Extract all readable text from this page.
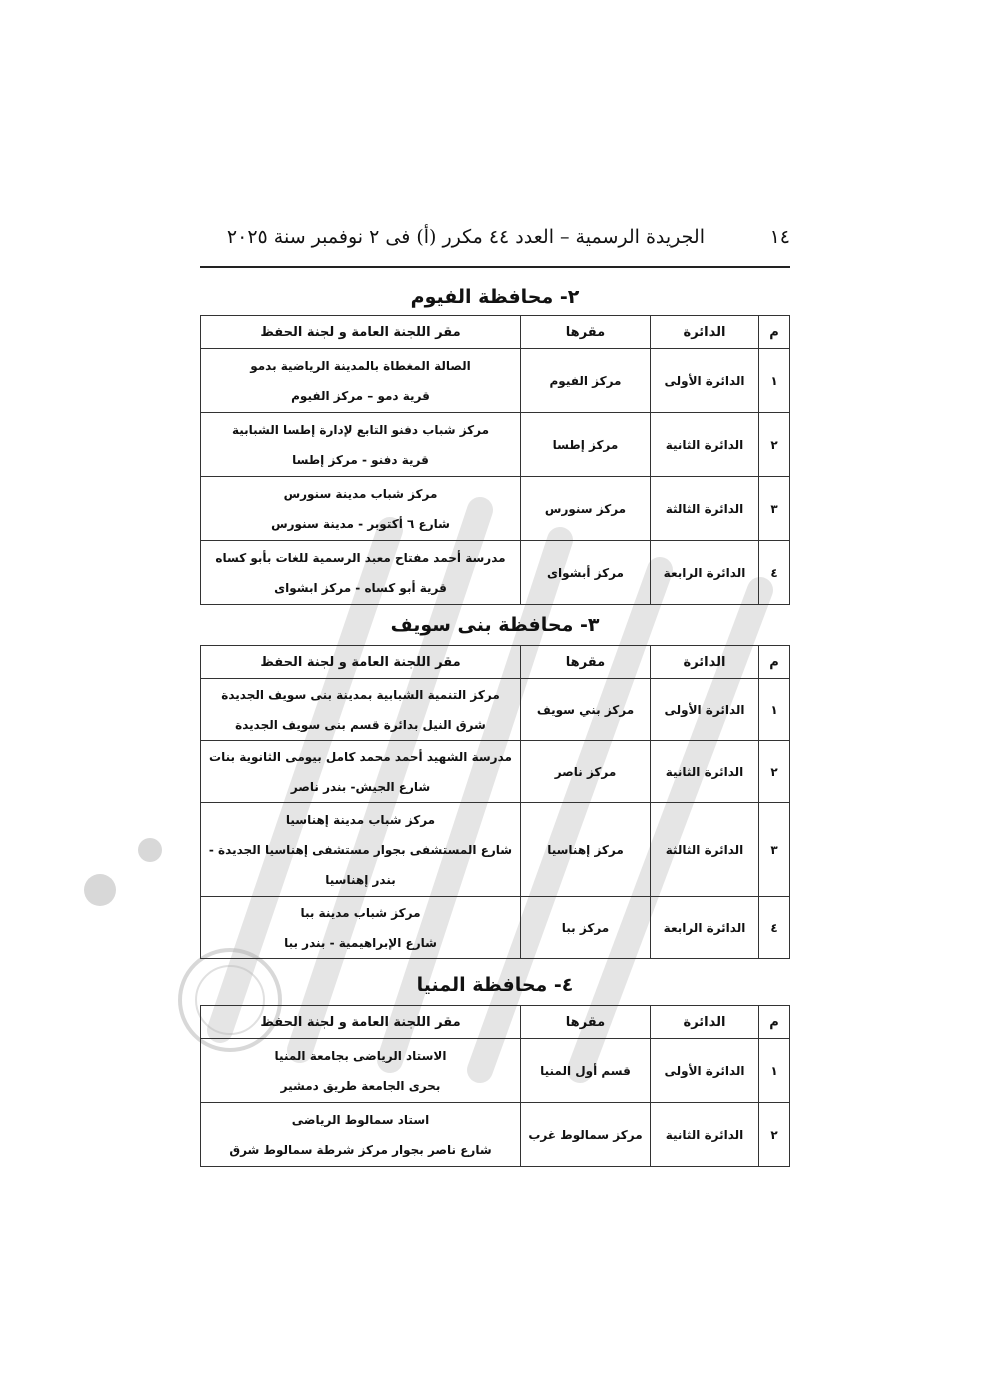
١٤
الجريدة الرسمية – العدد ٤٤ مكرر (أ) فى ٢ نوفمبر سنة ٢٠٢٥
٢- محافظة الفيوم
م	الدائرة	مقرها	مقر اللجنة العامة و لجنة الحفظ
١	الدائرة الأولى	مركز الفيوم	الصالة المغطاة بالمدينة الرياضية بدمو
قرية دمو – مركز الفيوم

٢	الدائرة الثانية	مركز إطسا	مركز شباب دفنو التابع لإدارة إطسا الشبابية
قرية دفنو - مركز إطسا

٣	الدائرة الثالثة	مركز سنورس	مركز شباب مدينة سنورس
شارع ٦ أكتوبر - مدينة سنورس

٤	الدائرة الرابعة	مركز أبشواى	مدرسة أحمد مفتاح معبد الرسمية للغات بأبو كساه
قرية أبو كساه - مركز ابشواى
٣- محافظة بنى سويف
م	الدائرة	مقرها	مقر اللجنة العامة و لجنة الحفظ
١	الدائرة الأولى	مركز بني سويف	مركز التنمية الشبابية بمدينة بنى سويف الجديدة
شرق النيل بدائرة قسم بنى سويف الجديدة

٢	الدائرة الثانية	مركز ناصر	مدرسة الشهيد أحمد محمد كامل بيومى الثانوية بنات
شارع الجيش- بندر ناصر

٣	الدائرة الثالثة	مركز إهناسيا	مركز شباب مدينة إهناسيا
شارع المستشفى بجوار مستشفى إهناسيا الجديدة -
بندر إهناسيا

٤	الدائرة الرابعة	مركز ببا	مركز شباب مدينة ببا
شارع الإبراهيمية - بندر ببا
٤- محافظة المنيا
م	الدائرة	مقرها	مقر اللجنة العامة و لجنة الحفظ
١	الدائرة الأولى	قسم أول المنيا	الاستاد الرياضى بجامعة المنيا
بحرى الجامعة طريق دمشير

٢	الدائرة الثانية	مركز سمالوط غرب	استاد سمالوط الرياضى
شارع ناصر بجوار مركز شرطة سمالوط شرق
